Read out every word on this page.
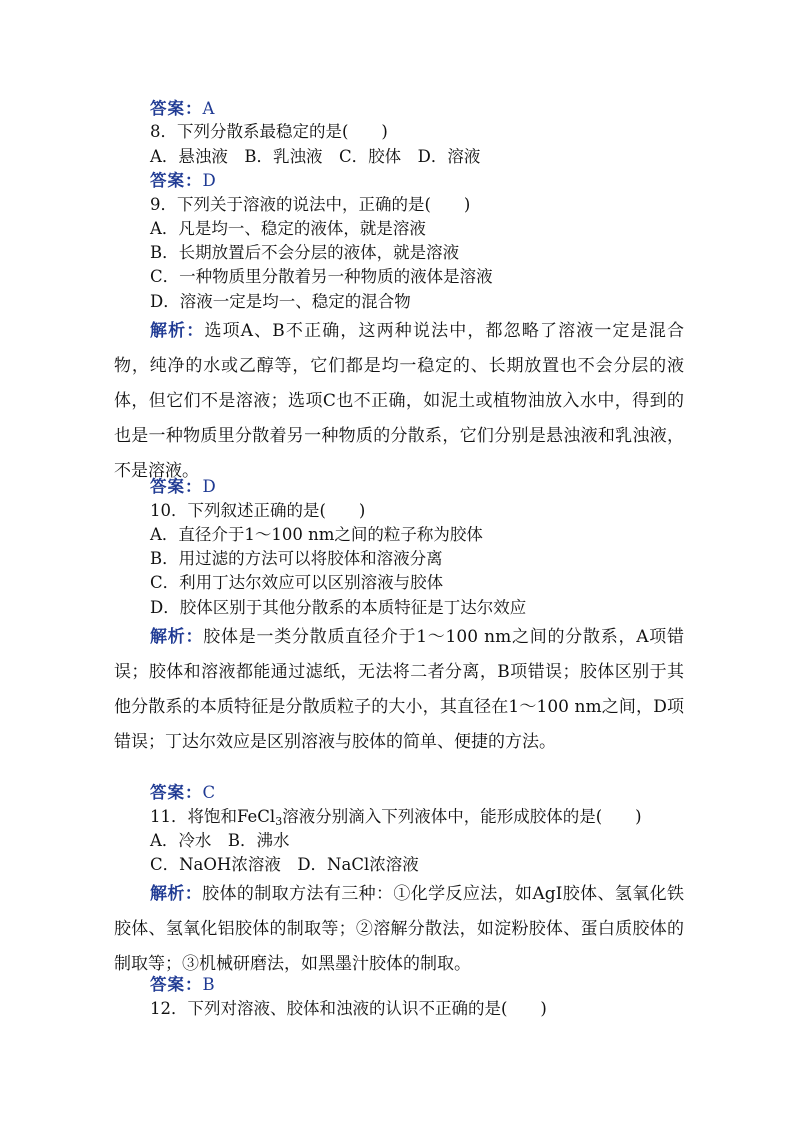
答案：A
8．下列分散系最稳定的是(　　)
A．悬浊液　B．乳浊液　C．胶体　D．溶液
答案：D
9．下列关于溶液的说法中，正确的是(　　)
A．凡是均一、稳定的液体，就是溶液
B．长期放置后不会分层的液体，就是溶液
C．一种物质里分散着另一种物质的液体是溶液
D．溶液一定是均一、稳定的混合物
解析：选项A、B不正确，这两种说法中，都忽略了溶液一定是混合物，纯净的水或乙醇等，它们都是均一稳定的、长期放置也不会分层的液体，但它们不是溶液；选项C也不正确，如泥土或植物油放入水中，得到的也是一种物质里分散着另一种物质的分散系，它们分别是悬浊液和乳浊液，不是溶液。
答案：D
10．下列叙述正确的是(　　)
A．直径介于1～100 nm之间的粒子称为胶体
B．用过滤的方法可以将胶体和溶液分离
C．利用丁达尔效应可以区别溶液与胶体
D．胶体区别于其他分散系的本质特征是丁达尔效应
解析：胶体是一类分散质直径介于1～100 nm之间的分散系，A项错误；胶体和溶液都能通过滤纸，无法将二者分离，B项错误；胶体区别于其他分散系的本质特征是分散质粒子的大小，其直径在1～100 nm之间，D项错误；丁达尔效应是区别溶液与胶体的简单、便捷的方法。
答案：C
11．将饱和FeCl$_3$溶液分别滴入下列液体中，能形成胶体的是(　　)
A．冷水　B．沸水
C．NaOH浓溶液　D．NaCl浓溶液
解析：胶体的制取方法有三种：①化学反应法，如AgI胶体、氢氧化铁胶体、氢氧化铝胶体的制取等；②溶解分散法，如淀粉胶体、蛋白质胶体的制取等；③机械研磨法，如黑墨汁胶体的制取。
答案：B
12．下列对溶液、胶体和浊液的认识不正确的是(　　)
